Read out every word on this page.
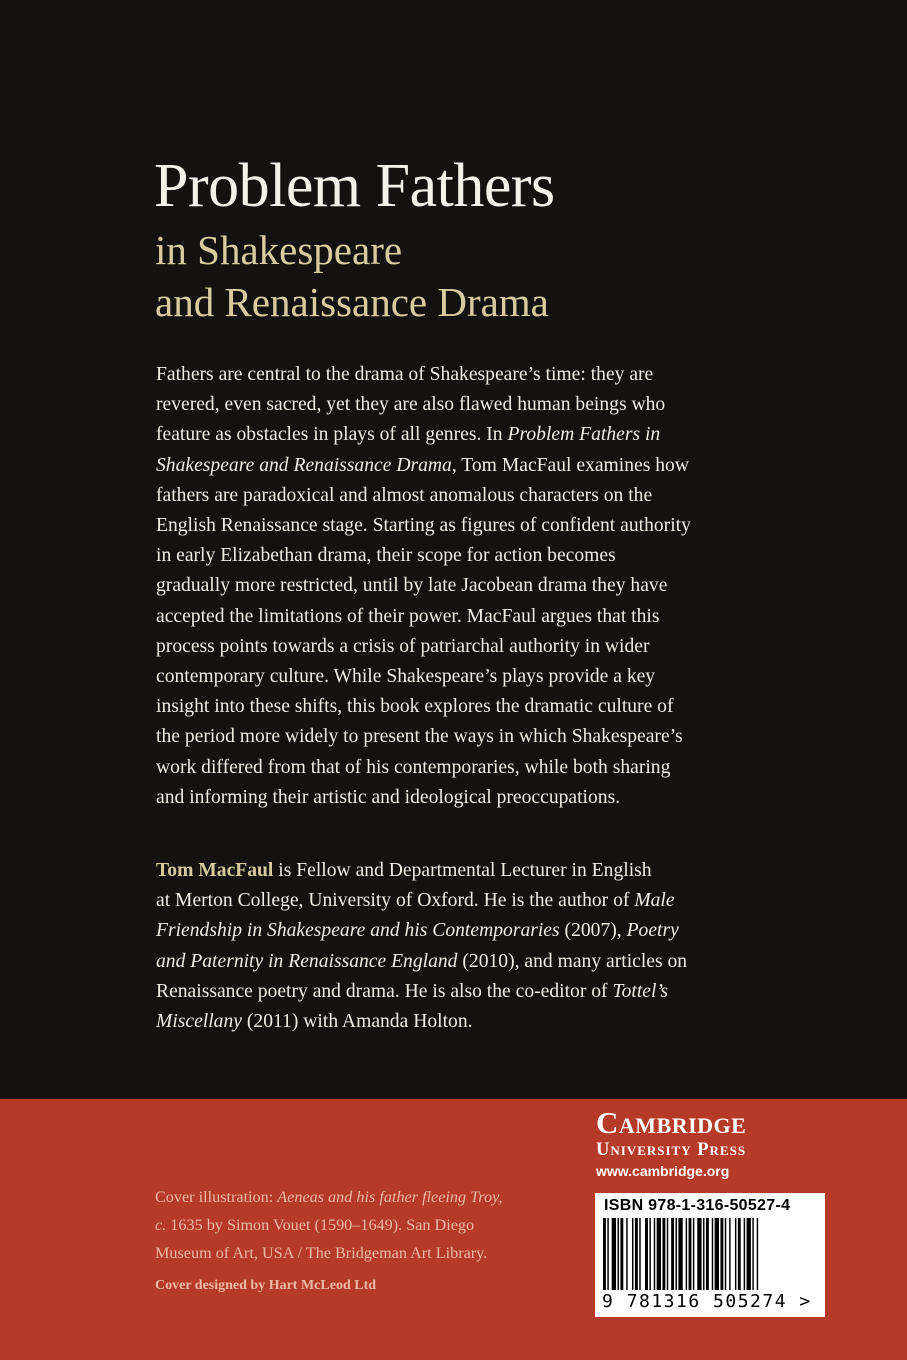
Problem Fathers
in Shakespeare
and Renaissance Drama
Fathers are central to the drama of Shakespeare’s time: they are
revered, even sacred, yet they are also flawed human beings who
feature as obstacles in plays of all genres. In Problem Fathers in
Shakespeare and Renaissance Drama, Tom MacFaul examines how
fathers are paradoxical and almost anomalous characters on the
English Renaissance stage. Starting as figures of confident authority
in early Elizabethan drama, their scope for action becomes
gradually more restricted, until by late Jacobean drama they have
accepted the limitations of their power. MacFaul argues that this
process points towards a crisis of patriarchal authority in wider
contemporary culture. While Shakespeare’s plays provide a key
insight into these shifts, this book explores the dramatic culture of
the period more widely to present the ways in which Shakespeare’s
work differed from that of his contemporaries, while both sharing
and informing their artistic and ideological preoccupations.
Tom MacFaul is Fellow and Departmental Lecturer in English
at Merton College, University of Oxford. He is the author of Male
Friendship in Shakespeare and his Contemporaries (2007), Poetry
and Paternity in Renaissance England (2010), and many articles on
Renaissance poetry and drama. He is also the co-editor of Tottel’s
Miscellany (2011) with Amanda Holton.
Cover illustration: Aeneas and his father fleeing Troy,
c. 1635 by Simon Vouet (1590–1649). San Diego
Museum of Art, USA / The Bridgeman Art Library.

Cover designed by Hart McLeod Ltd

Cambridge
University Press
www.cambridge.org

ISBN 978-1-316-50527-4

9 781316 505274 >
